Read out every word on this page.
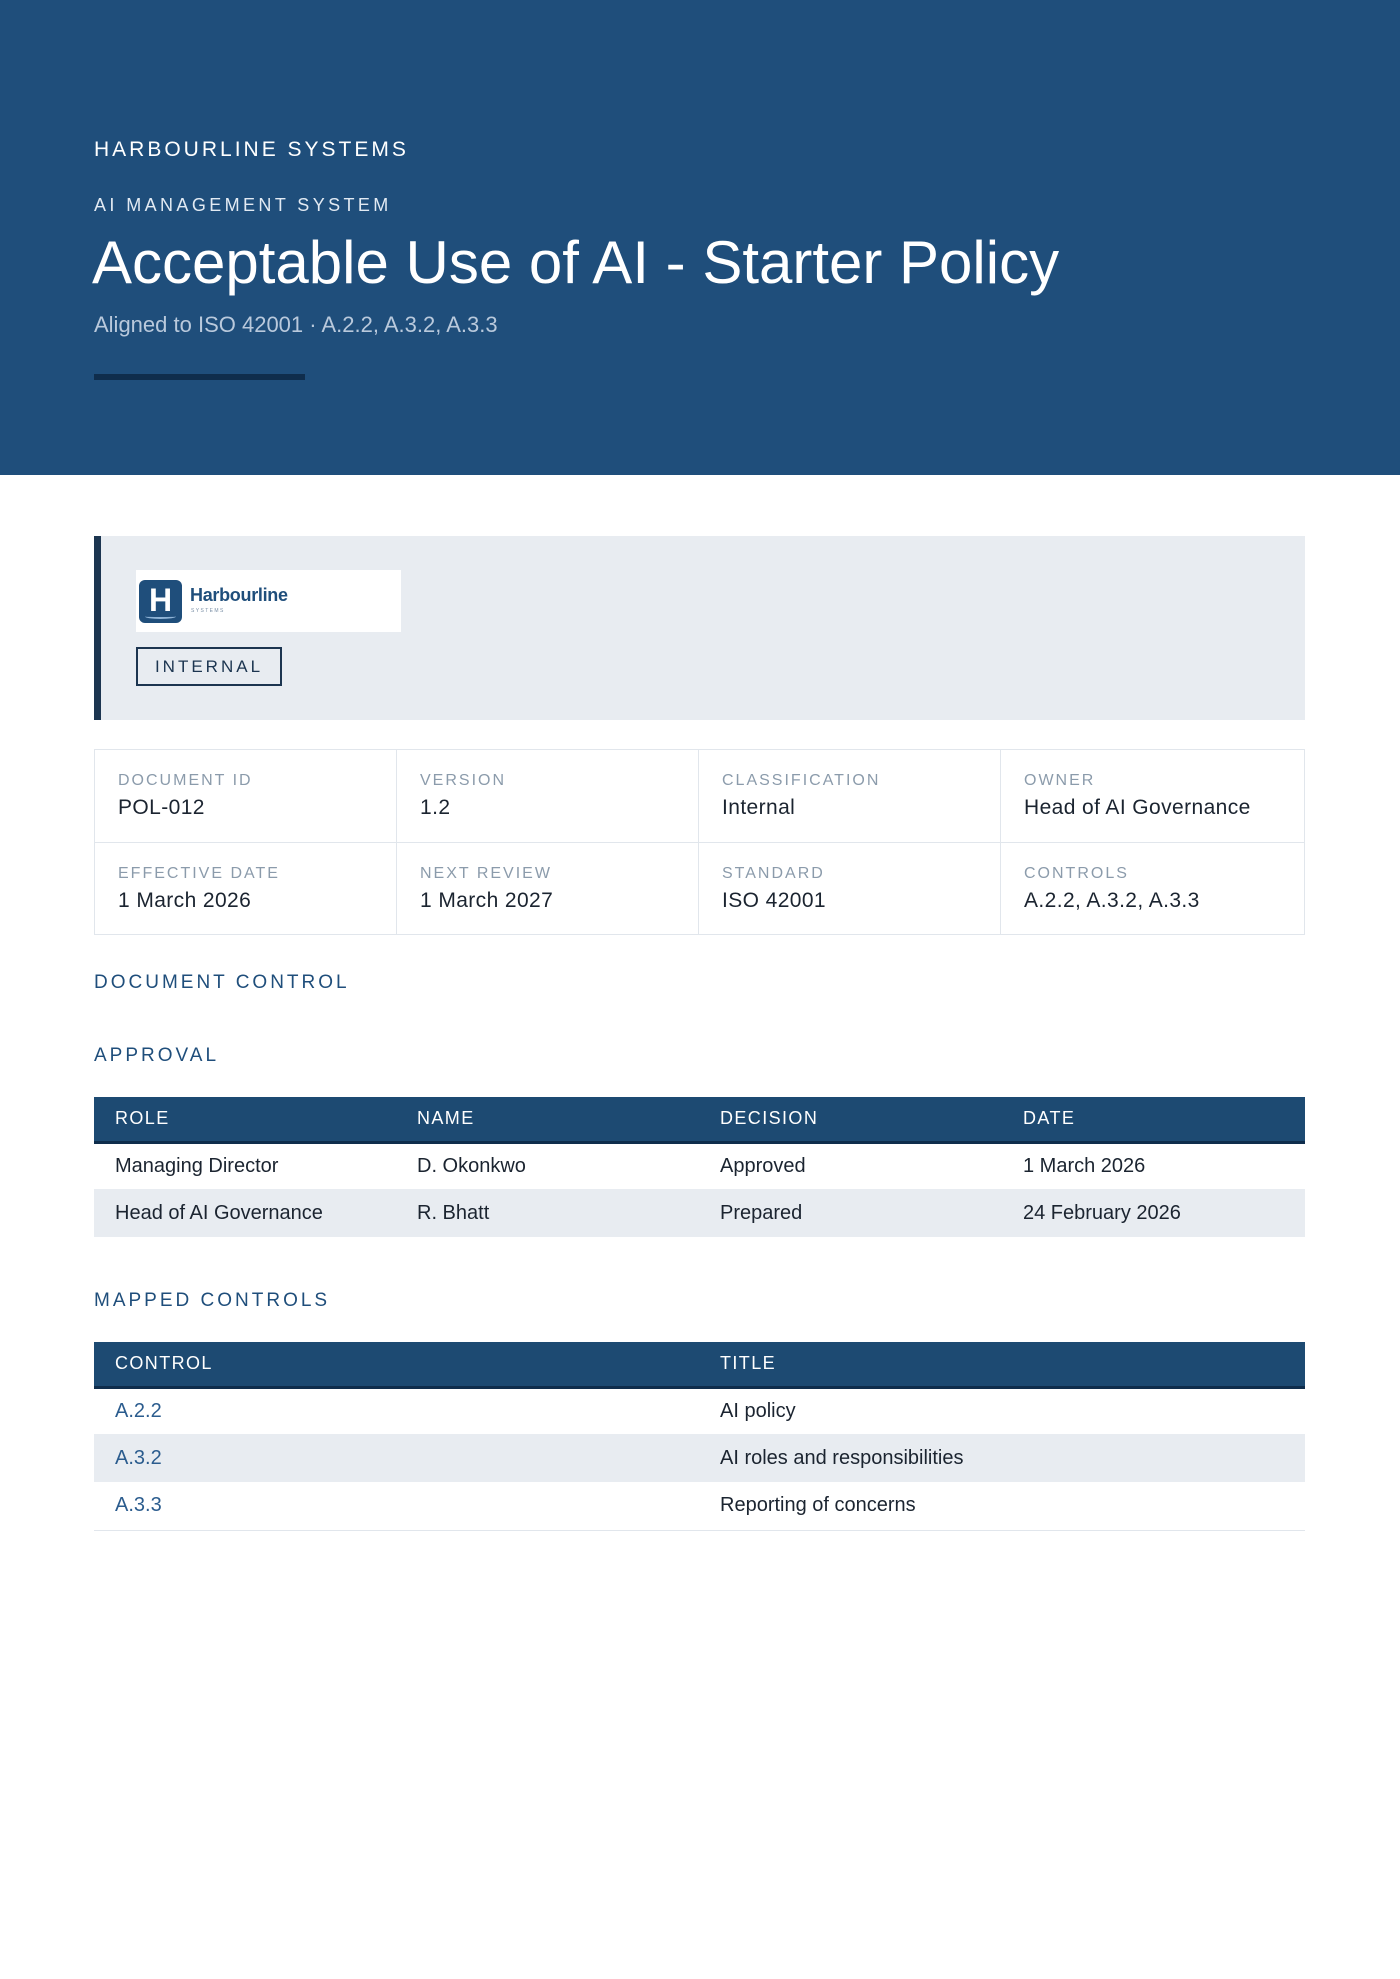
HARBOURLINE SYSTEMS
AI MANAGEMENT SYSTEM
Acceptable Use of AI - Starter Policy
Aligned to ISO 42001 · A.2.2, A.3.2, A.3.3
H Harbourline
SYSTEMS
INTERNAL
DOCUMENT ID
POL-012
VERSION
1.2
CLASSIFICATION
Internal
OWNER
Head of AI Governance
EFFECTIVE DATE
1 March 2026
NEXT REVIEW
1 March 2027
STANDARD
ISO 42001
CONTROLS
A.2.2, A.3.2, A.3.3
DOCUMENT CONTROL
APPROVAL
ROLE	NAME	DECISION	DATE
Managing Director	D. Okonkwo	Approved	1 March 2026
Head of AI Governance	R. Bhatt	Prepared	24 February 2026
MAPPED CONTROLS
CONTROL	TITLE
A.2.2	AI policy
A.3.2	AI roles and responsibilities
A.3.3	Reporting of concerns
